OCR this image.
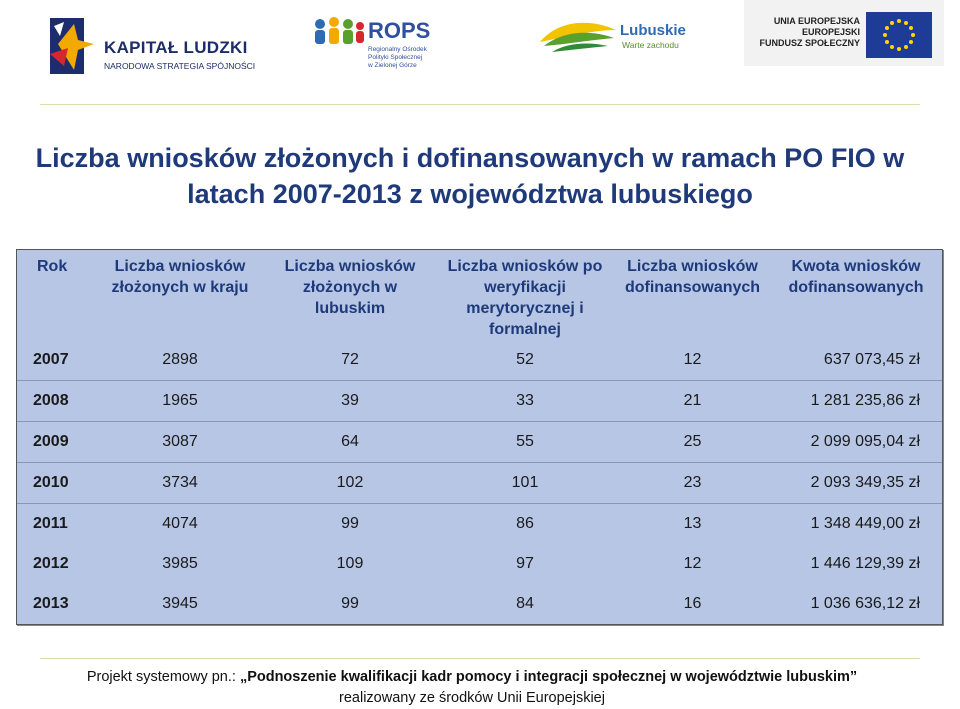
KAPITAŁ LUDZKI
NARODOWA STRATEGIA SPÓJNOŚCI
ROPS
Regionalny Ośrodek
Polityki Społecznej
w Zielonej Górze
Lubuskie
Warte zachodu
UNIA EUROPEJSKA
EUROPEJSKI
FUNDUSZ SPOŁECZNY
Liczba wniosków złożonych i dofinansowanych w ramach PO FIO w
latach 2007-2013 z województwa lubuskiego
Rok	Liczba wniosków złożonych w kraju	Liczba wniosków złożonych w lubuskim	Liczba wniosków po weryfikacji merytorycznej i formalnej	Liczba wniosków dofinansowanych	Kwota wniosków dofinansowanych
2007	2898	72	52	12	637 073,45 zł
2008	1965	39	33	21	1 281 235,86 zł
2009	3087	64	55	25	2 099 095,04 zł
2010	3734	102	101	23	2 093 349,35 zł
2011	4074	99	86	13	1 348 449,00 zł
2012	3985	109	97	12	1 446 129,39 zł
2013	3945	99	84	16	1 036 636,12 zł
Projekt systemowy pn.: „Podnoszenie kwalifikacji kadr pomocy i integracji społecznej w województwie lubuskim”
realizowany ze środków Unii Europejskiej
